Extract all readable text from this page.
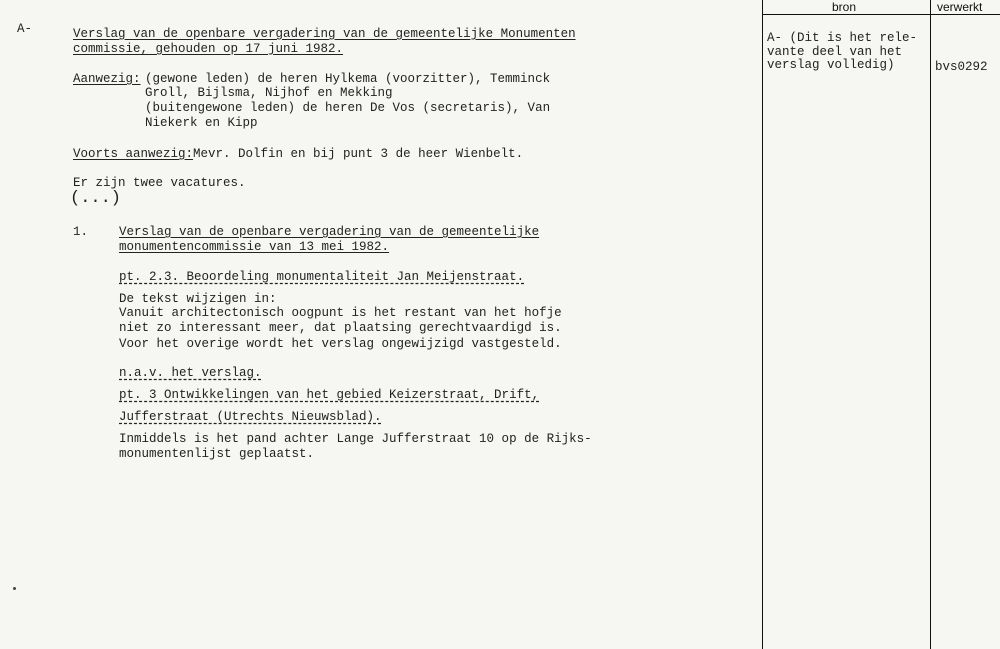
A-	Verslag van de openbare vergadering van de gemeentelijke Monumenten
commissie, gehouden op 17 juni 1982.
Aanwezig: (gewone leden) de heren Hylkema (voorzitter), Temminck
Groll, Bijlsma, Nijhof en Mekking
(buitengewone leden) de heren De Vos (secretaris), Van
Niekerk en Kipp
Voorts aanwezig:Mevr. Dolfin en bij punt 3 de heer Wienbelt.
Er zijn twee vacatures.
(...)
1. Verslag van de openbare vergadering van de gemeentelijke
monumentencommissie van 13 mei 1982.
pt. 2.3. Beoordeling monumentaliteit Jan Meijenstraat.
De tekst wijzigen in:
Vanuit architectonisch oogpunt is het restant van het hofje
niet zo interessant meer, dat plaatsing gerechtvaardigd is.
Voor het overige wordt het verslag ongewijzigd vastgesteld.
n.a.v. het verslag.
pt. 3 Ontwikkelingen van het gebied Keizerstraat, Drift,
Jufferstraat (Utrechts Nieuwsblad).
Inmiddels is het pand achter Lange Jufferstraat 10 op de Rijks-
monumentenlijst geplaatst.
bron	verwerkt
A- (Dit is het rele-
vante deel van het
verslag volledig)	bvs0292
